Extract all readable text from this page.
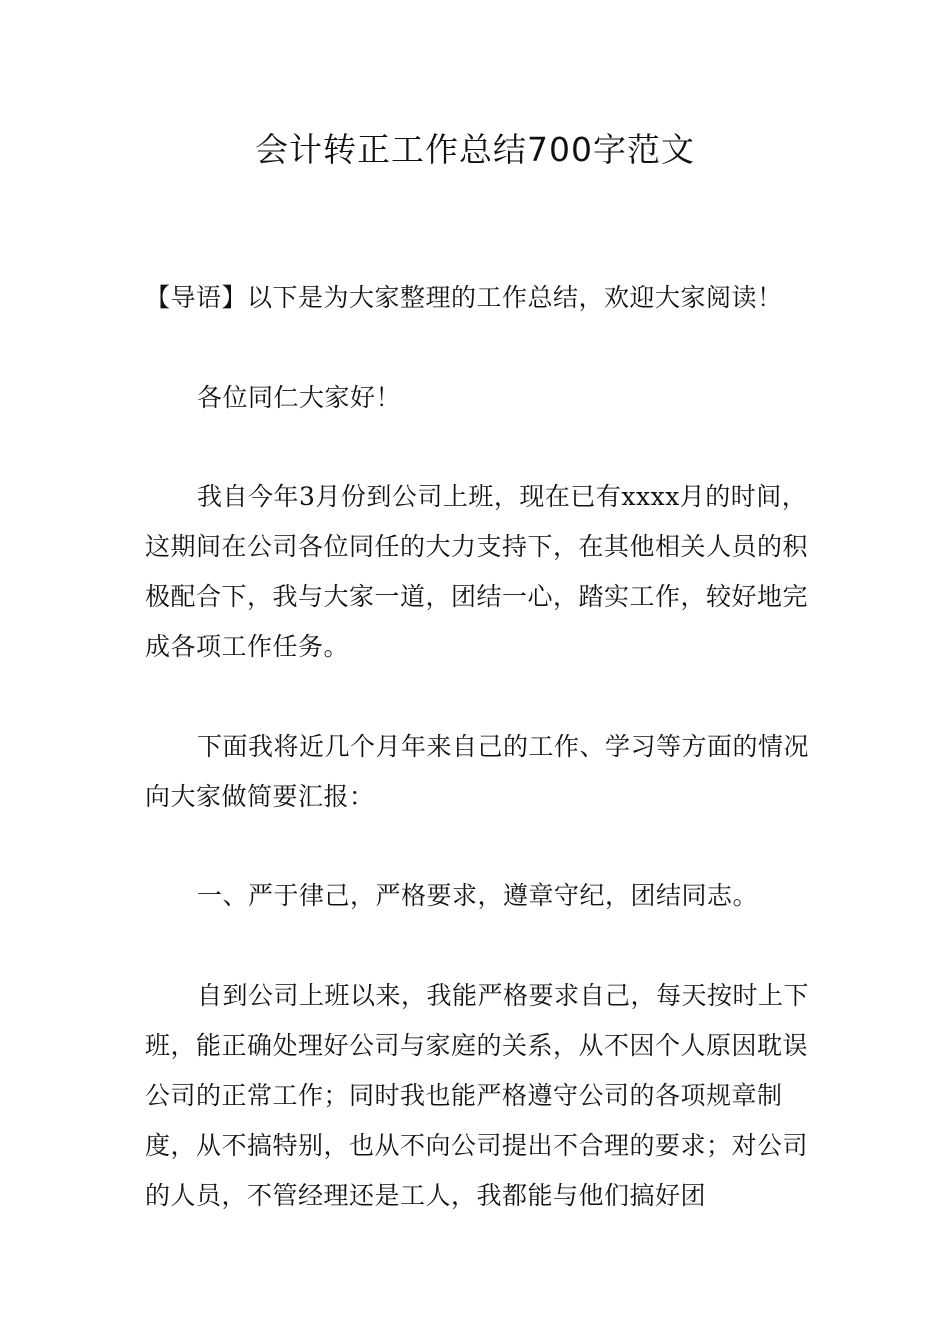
会计转正工作总结700字范文

【导语】以下是为大家整理的工作总结，欢迎大家阅读！

各位同仁大家好！

我自今年3月份到公司上班，现在已有xxxx月的时间，这期间在公司各位同任的大力支持下，在其他相关人员的积极配合下，我与大家一道，团结一心，踏实工作，较好地完成各项工作任务。

下面我将近几个月年来自己的工作、学习等方面的情况向大家做简要汇报：

一、严于律己，严格要求，遵章守纪，团结同志。

自到公司上班以来，我能严格要求自己，每天按时上下班，能正确处理好公司与家庭的关系，从不因个人原因耽误公司的正常工作；同时我也能严格遵守公司的各项规章制度，从不搞特别，也从不向公司提出不合理的要求；对公司的人员，不管经理还是工人，我都能与他们搞好团
